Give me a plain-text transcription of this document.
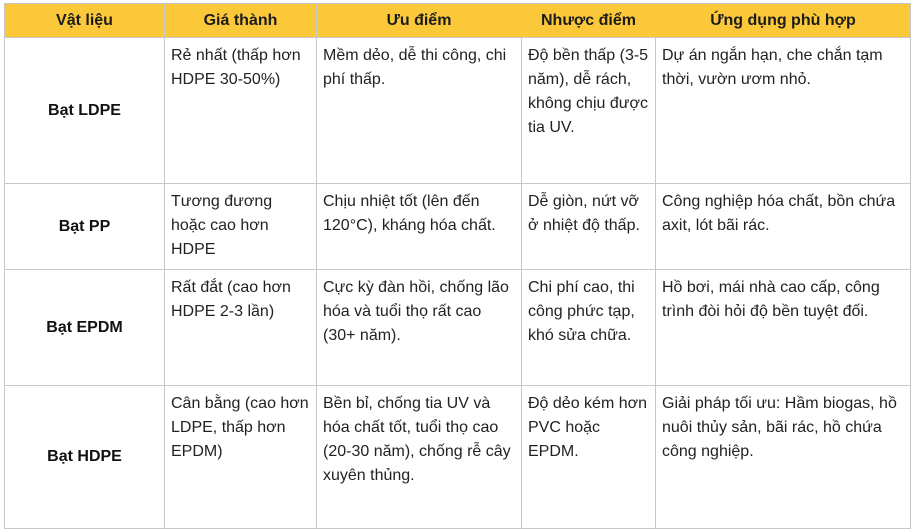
Vật liệu	Giá thành	Ưu điểm	Nhược điểm	Ứng dụng phù hợp
Bạt LDPE	Rẻ nhất (thấp hơn HDPE 30-50%)	Mềm dẻo, dễ thi công, chi phí thấp.	Độ bền thấp (3-5 năm), dễ rách, không chịu được tia UV.	Dự án ngắn hạn, che chắn tạm thời, vườn ươm nhỏ.
Bạt PP	Tương đương hoặc cao hơn HDPE	Chịu nhiệt tốt (lên đến 120°C), kháng hóa chất.	Dễ giòn, nứt vỡ ở nhiệt độ thấp.	Công nghiệp hóa chất, bồn chứa axit, lót bãi rác.
Bạt EPDM	Rất đắt (cao hơn HDPE 2-3 lần)	Cực kỳ đàn hồi, chống lão hóa và tuổi thọ rất cao (30+ năm).	Chi phí cao, thi công phức tạp, khó sửa chữa.	Hồ bơi, mái nhà cao cấp, công trình đòi hỏi độ bền tuyệt đối.
Bạt HDPE	Cân bằng (cao hơn LDPE, thấp hơn EPDM)	Bền bỉ, chống tia UV và hóa chất tốt, tuổi thọ cao (20-30 năm), chống rễ cây xuyên thủng.	Độ dẻo kém hơn PVC hoặc EPDM.	Giải pháp tối ưu: Hầm biogas, hồ nuôi thủy sản, bãi rác, hồ chứa công nghiệp.
